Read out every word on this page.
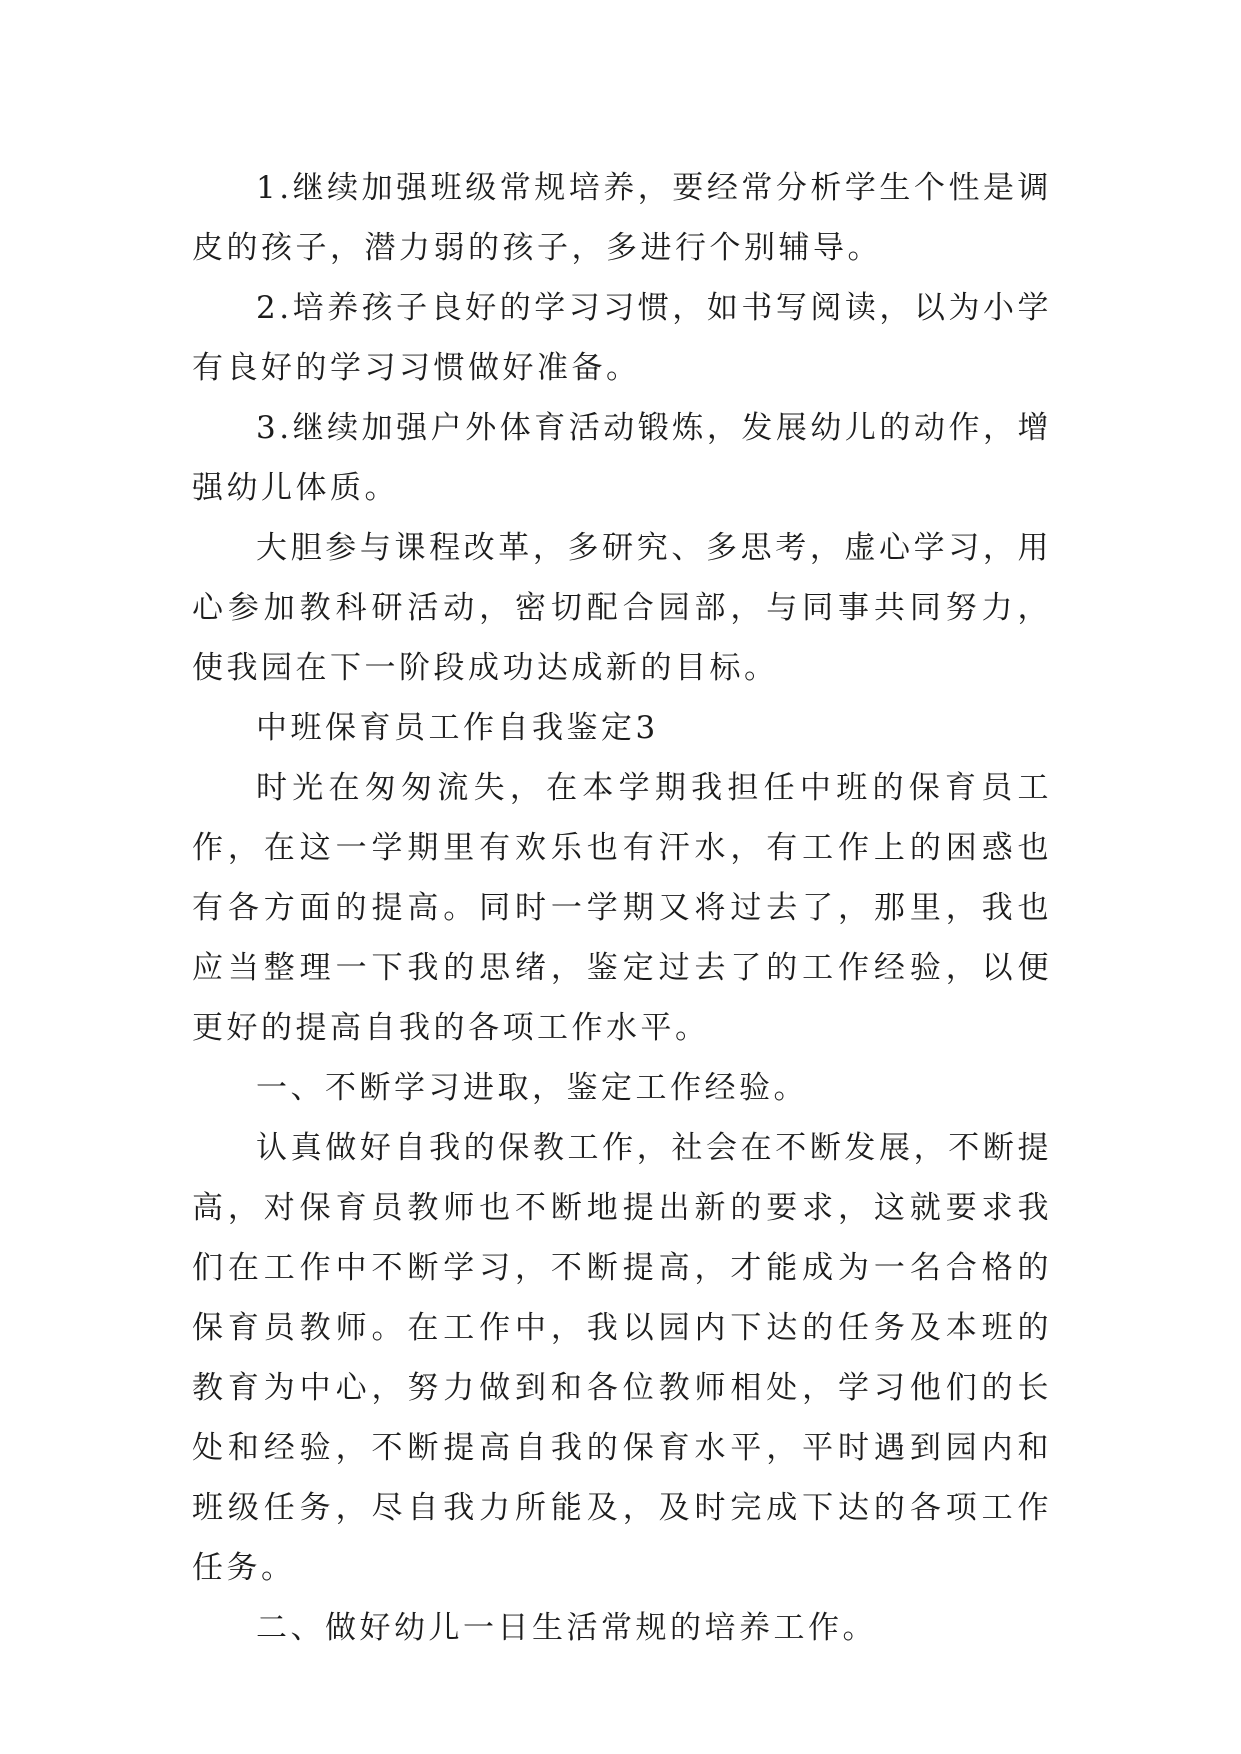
1.继续加强班级常规培养，要经常分析学生个性是调皮的孩子，潜力弱的孩子，多进行个别辅导。

2.培养孩子良好的学习习惯，如书写阅读，以为小学有良好的学习习惯做好准备。

3.继续加强户外体育活动锻炼，发展幼儿的动作，增强幼儿体质。

大胆参与课程改革，多研究、多思考，虚心学习，用心参加教科研活动，密切配合园部，与同事共同努力，使我园在下一阶段成功达成新的目标。

中班保育员工作自我鉴定3

时光在匆匆流失，在本学期我担任中班的保育员工作，在这一学期里有欢乐也有汗水，有工作上的困惑也有各方面的提高。同时一学期又将过去了，那里，我也应当整理一下我的思绪，鉴定过去了的工作经验，以便更好的提高自我的各项工作水平。

一、不断学习进取，鉴定工作经验。

认真做好自我的保教工作，社会在不断发展，不断提高，对保育员教师也不断地提出新的要求，这就要求我们在工作中不断学习，不断提高，才能成为一名合格的保育员教师。在工作中，我以园内下达的任务及本班的教育为中心，努力做到和各位教师相处，学习他们的长处和经验，不断提高自我的保育水平，平时遇到园内和班级任务，尽自我力所能及，及时完成下达的各项工作任务。

二、做好幼儿一日生活常规的培养工作。
